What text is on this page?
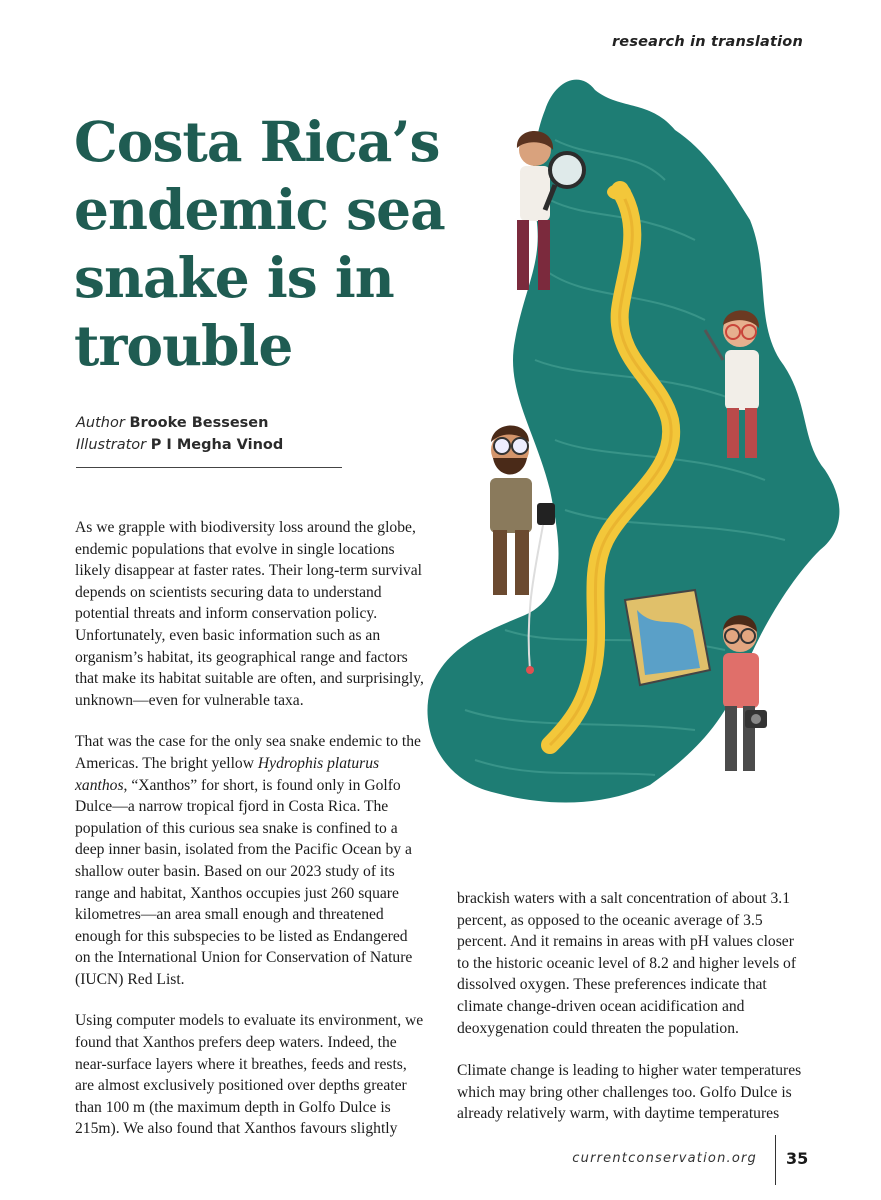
research in translation
Costa Rica’s endemic sea snake is in trouble
Author Brooke Bessesen
Illustrator P I Megha Vinod

As we grapple with biodiversity loss around the globe, endemic populations that evolve in single locations likely disappear at faster rates. Their long-term survival depends on scientists securing data to understand potential threats and inform conservation policy. Unfortunately, even basic information such as an organism’s habitat, its geographical range and factors that make its habitat suitable are often, and surprisingly, unknown—even for vulnerable taxa.

That was the case for the only sea snake endemic to the Americas. The bright yellow Hydrophis platurus xanthos, “Xanthos” for short, is found only in Golfo Dulce—a narrow tropical fjord in Costa Rica. The population of this curious sea snake is confined to a deep inner basin, isolated from the Pacific Ocean by a shallow outer basin. Based on our 2023 study of its range and habitat, Xanthos occupies just 260 square kilometres—an area small enough and threatened enough for this subspecies to be listed as Endangered on the International Union for Conservation of Nature (IUCN) Red List.

Using computer models to evaluate its environment, we found that Xanthos prefers deep waters. Indeed, the near-surface layers where it breathes, feeds and rests, are almost exclusively positioned over depths greater than 100 m (the maximum depth in Golfo Dulce is 215m). We also found that Xanthos favours slightly

brackish waters with a salt concentration of about 3.1 percent, as opposed to the oceanic average of 3.5 percent. And it remains in areas with pH values closer to the historic oceanic level of 8.2 and higher levels of dissolved oxygen. These preferences indicate that climate change-driven ocean acidification and deoxygenation could threaten the population.

Climate change is leading to higher water temperatures which may bring other challenges too. Golfo Dulce is already relatively warm, with daytime temperatures

currentconservation.org 35
